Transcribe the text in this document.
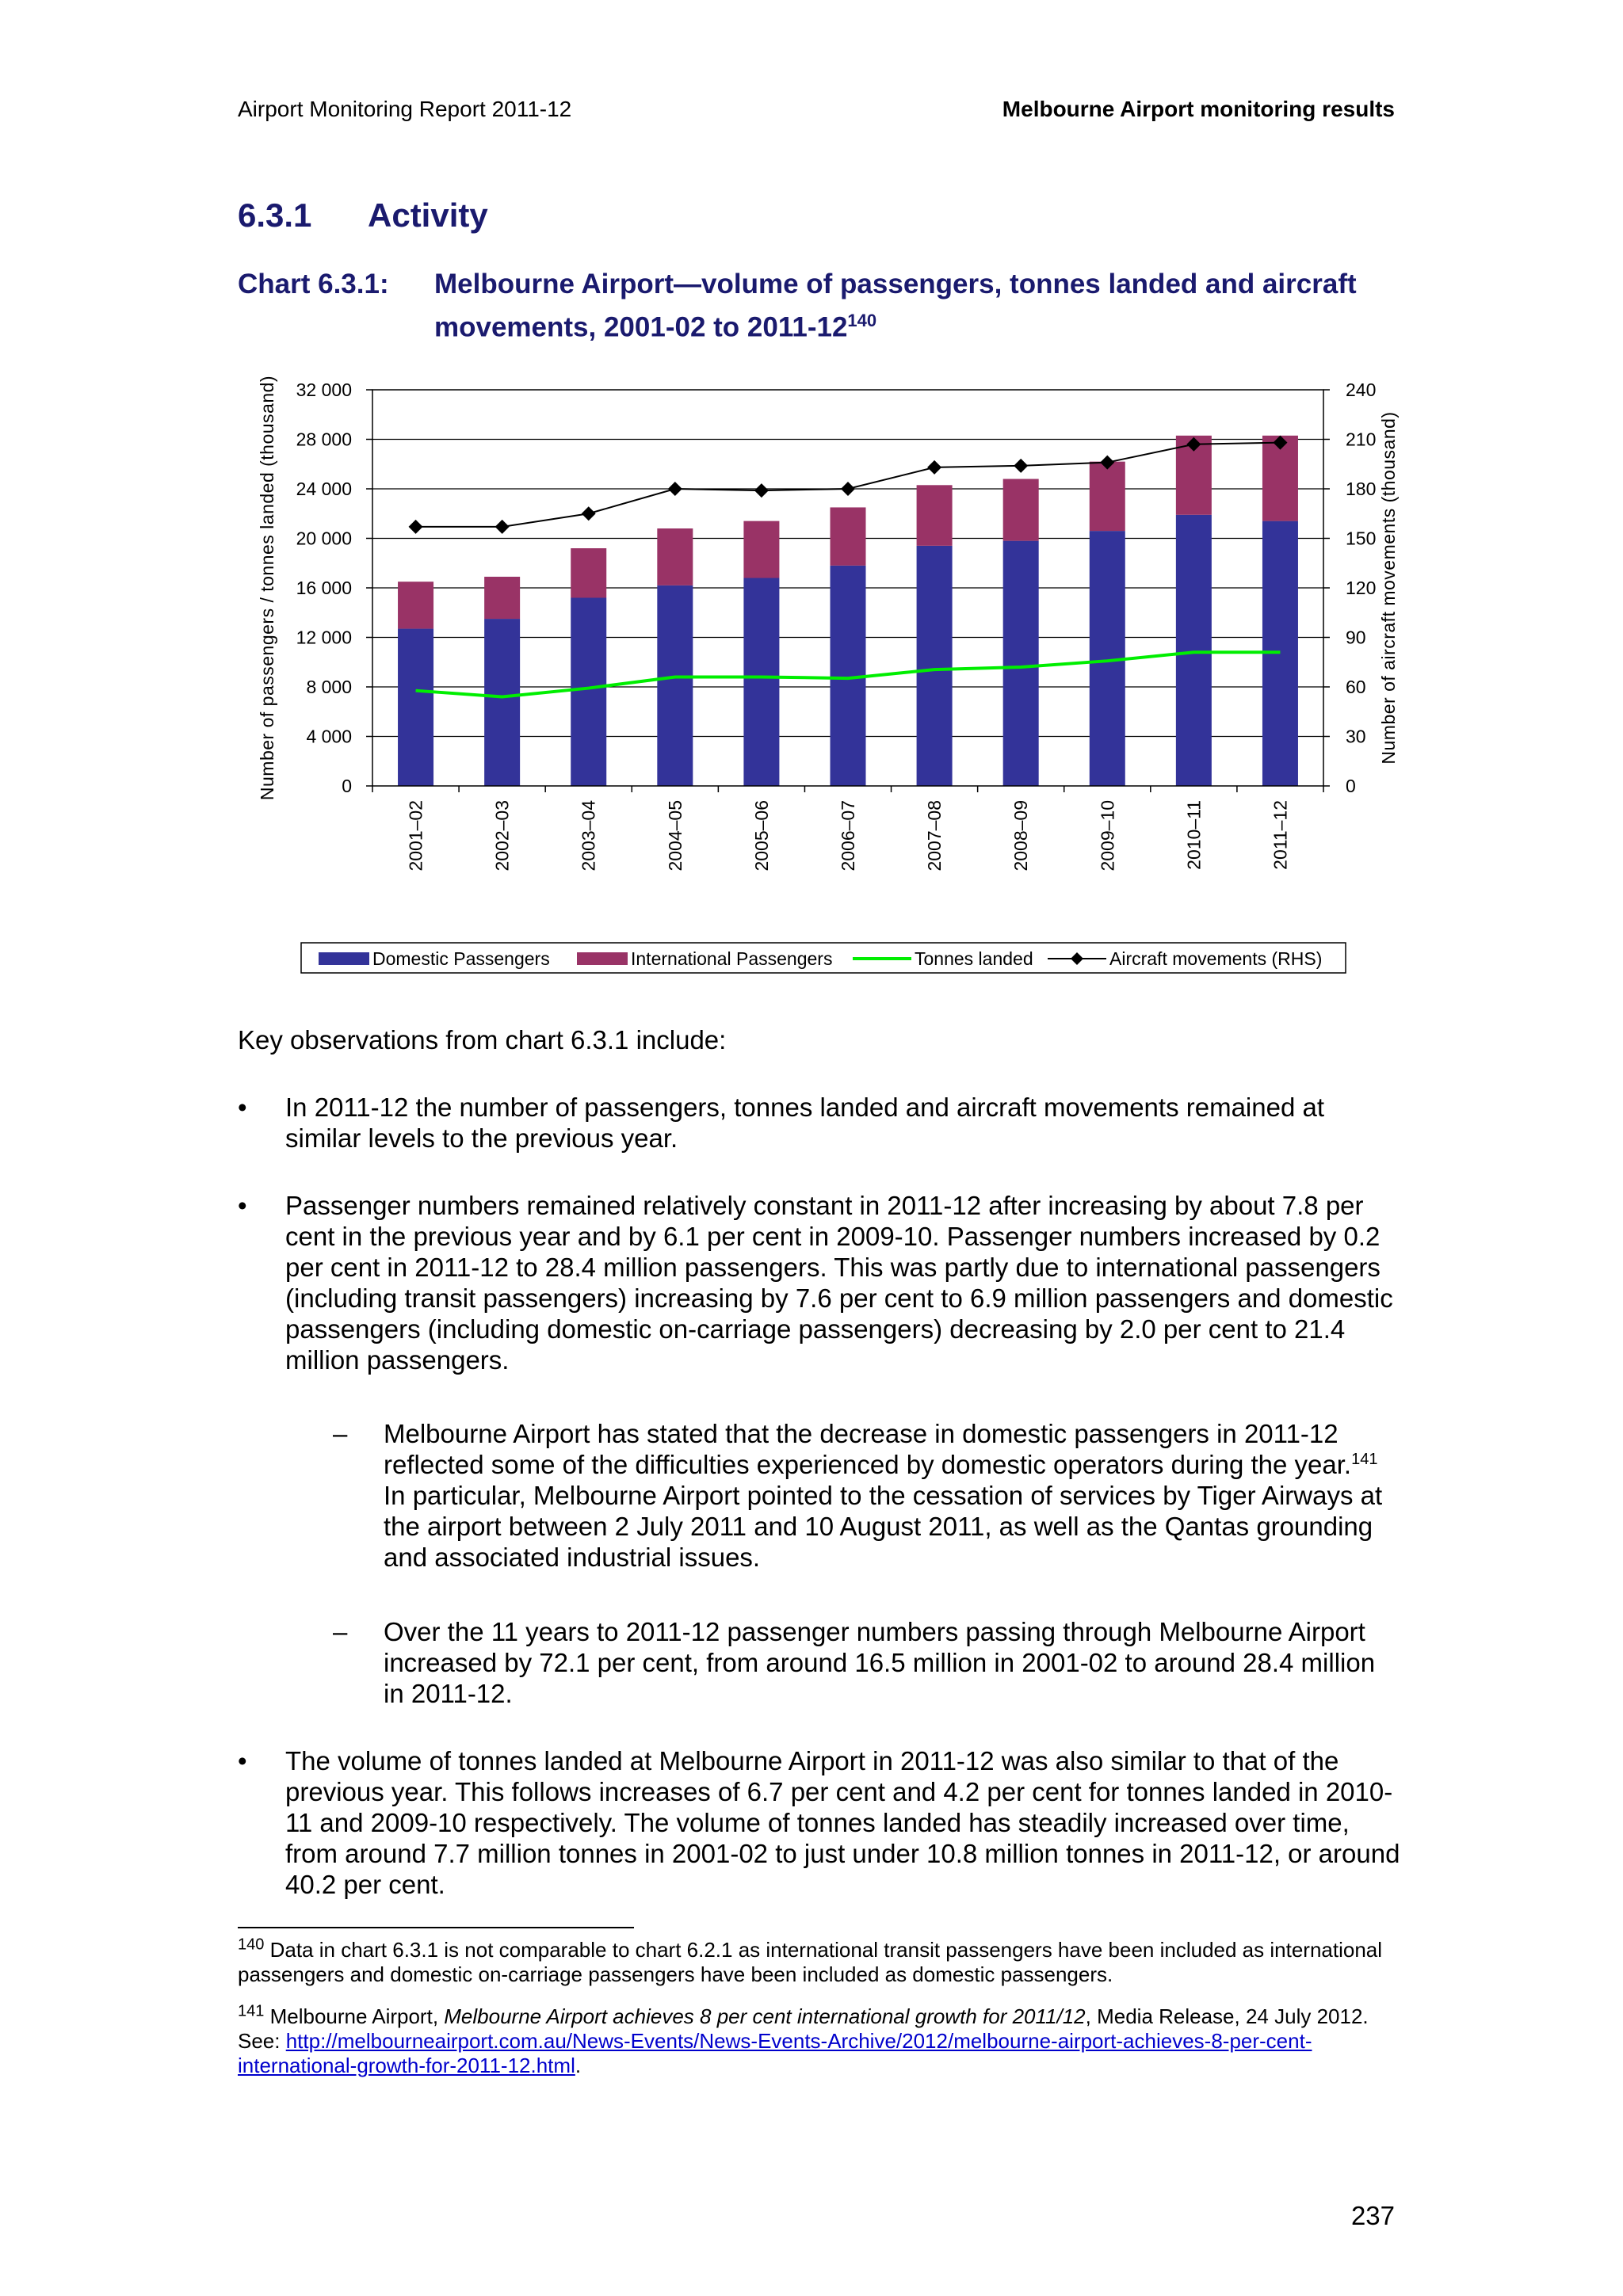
Airport Monitoring Report 2011-12	Melbourne Airport monitoring results
6.3.1 Activity
Chart 6.3.1:	Melbourne Airport—volume of passengers, tonnes landed and aircraft
movements, 2001-02 to $2011-12^{140}$
0
4 000
8 000
12 000
16 000
20 000
24 000
28 000
32 000
0
30
60
90
120
150
180
210
240
2001–02	2002–03	2003–04	2004–05	2005–06	2006–07	2007–08	2008–09	2009–10	2010–11	2011–12
Number of passengers / tonnes landed (thousand)	Number of aircraft movements (thousand)
Domestic Passengers	International Passengers	Tonnes landed	Aircraft movements (RHS)
Key observations from chart 6.3.1 include:
• In 2011-12 the number of passengers, tonnes landed and aircraft movements remained at similar levels to the previous year.
• Passenger numbers remained relatively constant in 2011-12 after increasing by about 7.8 per cent in the previous year and by 6.1 per cent in 2009-10. Passenger numbers increased by 0.2 per cent in 2011-12 to 28.4 million passengers. This was partly due to international passengers (including transit passengers) increasing by 7.6 per cent to 6.9 million passengers and domestic passengers (including domestic on-carriage passengers) decreasing by 2.0 per cent to 21.4 million passengers.
– Melbourne Airport has stated that the decrease in domestic passengers in 2011-12 reflected some of the difficulties experienced by domestic operators during the year.$^{141}$ In particular, Melbourne Airport pointed to the cessation of services by Tiger Airways at the airport between 2 July 2011 and 10 August 2011, as well as the Qantas grounding and associated industrial issues.
– Over the 11 years to 2011-12 passenger numbers passing through Melbourne Airport increased by 72.1 per cent, from around 16.5 million in 2001-02 to around 28.4 million in 2011-12.
• The volume of tonnes landed at Melbourne Airport in 2011-12 was also similar to that of the previous year. This follows increases of 6.7 per cent and 4.2 per cent for tonnes landed in 2010-11 and 2009-10 respectively. The volume of tonnes landed has steadily increased over time, from around 7.7 million tonnes in 2001-02 to just under 10.8 million tonnes in 2011-12, or around 40.2 per cent.
$^{140}$ Data in chart 6.3.1 is not comparable to chart 6.2.1 as international transit passengers have been included as international passengers and domestic on-carriage passengers have been included as domestic passengers.
$^{141}$ Melbourne Airport, Melbourne Airport achieves 8 per cent international growth for 2011/12, Media Release, 24 July 2012. See: http://melbourneairport.com.au/News-Events/News-Events-Archive/2012/melbourne-airport-achieves-8-per-cent-international-growth-for-2011-12.html.
237
